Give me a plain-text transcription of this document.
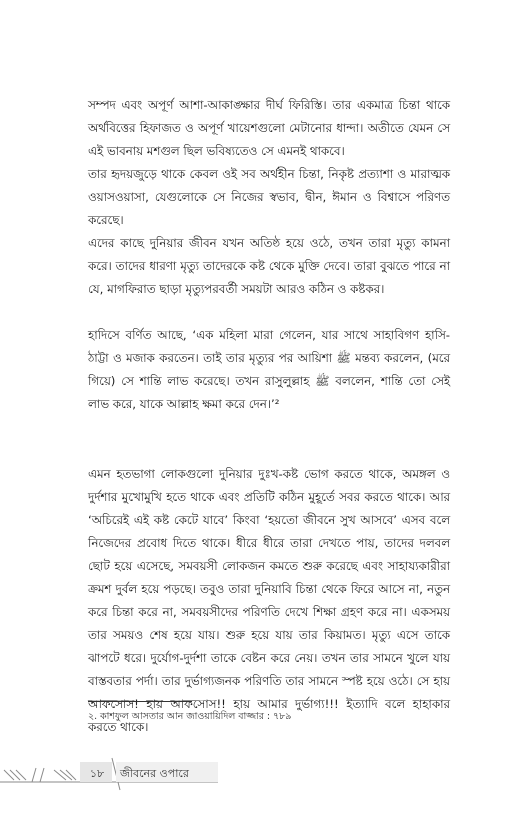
সম্পদ এবং অপূর্ণ আশা-আকাঙ্ক্ষার দীর্ঘ ফিরিস্তি। তার একমাত্র চিন্তা থাকে অর্থবিত্তের হিফাজত ও অপূর্ণ খায়েশগুলো মেটানোর ধান্দা। অতীতে যেমন সে এই ভাবনায় মশগুল ছিল ভবিষ্যতেও সে এমনই থাকবে।

তার হৃদয়জুড়ে থাকে কেবল ওই সব অর্থহীন চিন্তা, নিকৃষ্ট প্রত্যাশা ও মারাত্মক ওয়াসওয়াসা, যেগুলোকে সে নিজের স্বভাব, দ্বীন, ঈমান ও বিশ্বাসে পরিণত করেছে।

এদের কাছে দুনিয়ার জীবন যখন অতিষ্ঠ হয়ে ওঠে, তখন তারা মৃত্যু কামনা করে। তাদের ধারণা মৃত্যু তাদেরকে কষ্ট থেকে মুক্তি দেবে। তারা বুঝতে পারে না যে, মাগফিরাত ছাড়া মৃত্যুপরবর্তী সময়টা আরও কঠিন ও কষ্টকর।

হাদিসে বর্ণিত আছে, ‘এক মহিলা মারা গেলেন, যার সাথে সাহাবিগণ হাসি-ঠাট্টা ও মজাক করতেন। তাই তার মৃত্যুর পর আয়িশা ﷺ মন্তব্য করলেন, (মরে গিয়ে) সে শান্তি লাভ করেছে। তখন রাসুলুল্লাহ ﷺ বললেন, শান্তি তো সেই লাভ করে, যাকে আল্লাহ ক্ষমা করে দেন।’²

এমন হতভাগা লোকগুলো দুনিয়ার দুঃখ-কষ্ট ভোগ করতে থাকে, অমঙ্গল ও দুর্দশার মুখোমুখি হতে থাকে এবং প্রতিটি কঠিন মুহূর্তে সবর করতে থাকে। আর ‘অচিরেই এই কষ্ট কেটে যাবে’ কিংবা ‘হয়তো জীবনে সুখ আসবে’ এসব বলে নিজেদের প্রবোধ দিতে থাকে। ধীরে ধীরে তারা দেখতে পায়, তাদের দলবল ছোট হয়ে এসেছে, সমবয়সী লোকজন কমতে শুরু করেছে এবং সাহায্যকারীরা ক্রমশ দুর্বল হয়ে পড়ছে। তবুও তারা দুনিয়াবি চিন্তা থেকে ফিরে আসে না, নতুন করে চিন্তা করে না, সমবয়সীদের পরিণতি দেখে শিক্ষা গ্রহণ করে না। একসময় তার সময়ও শেষ হয়ে যায়। শুরু হয়ে যায় তার কিয়ামত। মৃত্যু এসে তাকে ঝাপটে ধরে। দুর্যোগ-দুর্দশা তাকে বেষ্টন করে নেয়। তখন তার সামনে খুলে যায় বাস্তবতার পর্দা। তার দুর্ভাগ্যজনক পরিণতি তার সামনে স্পষ্ট হয়ে ওঠে। সে হায় আফসোস! হায় আফসোস!! হায় আমার দুর্ভাগ্য!!! ইত্যাদি বলে হাহাকার করতে থাকে।

২. কাশফুল আসতার আন জাওয়ায়িদিল বাজ্জার : ৭৮৯

১৮	জীবনের ওপারে
